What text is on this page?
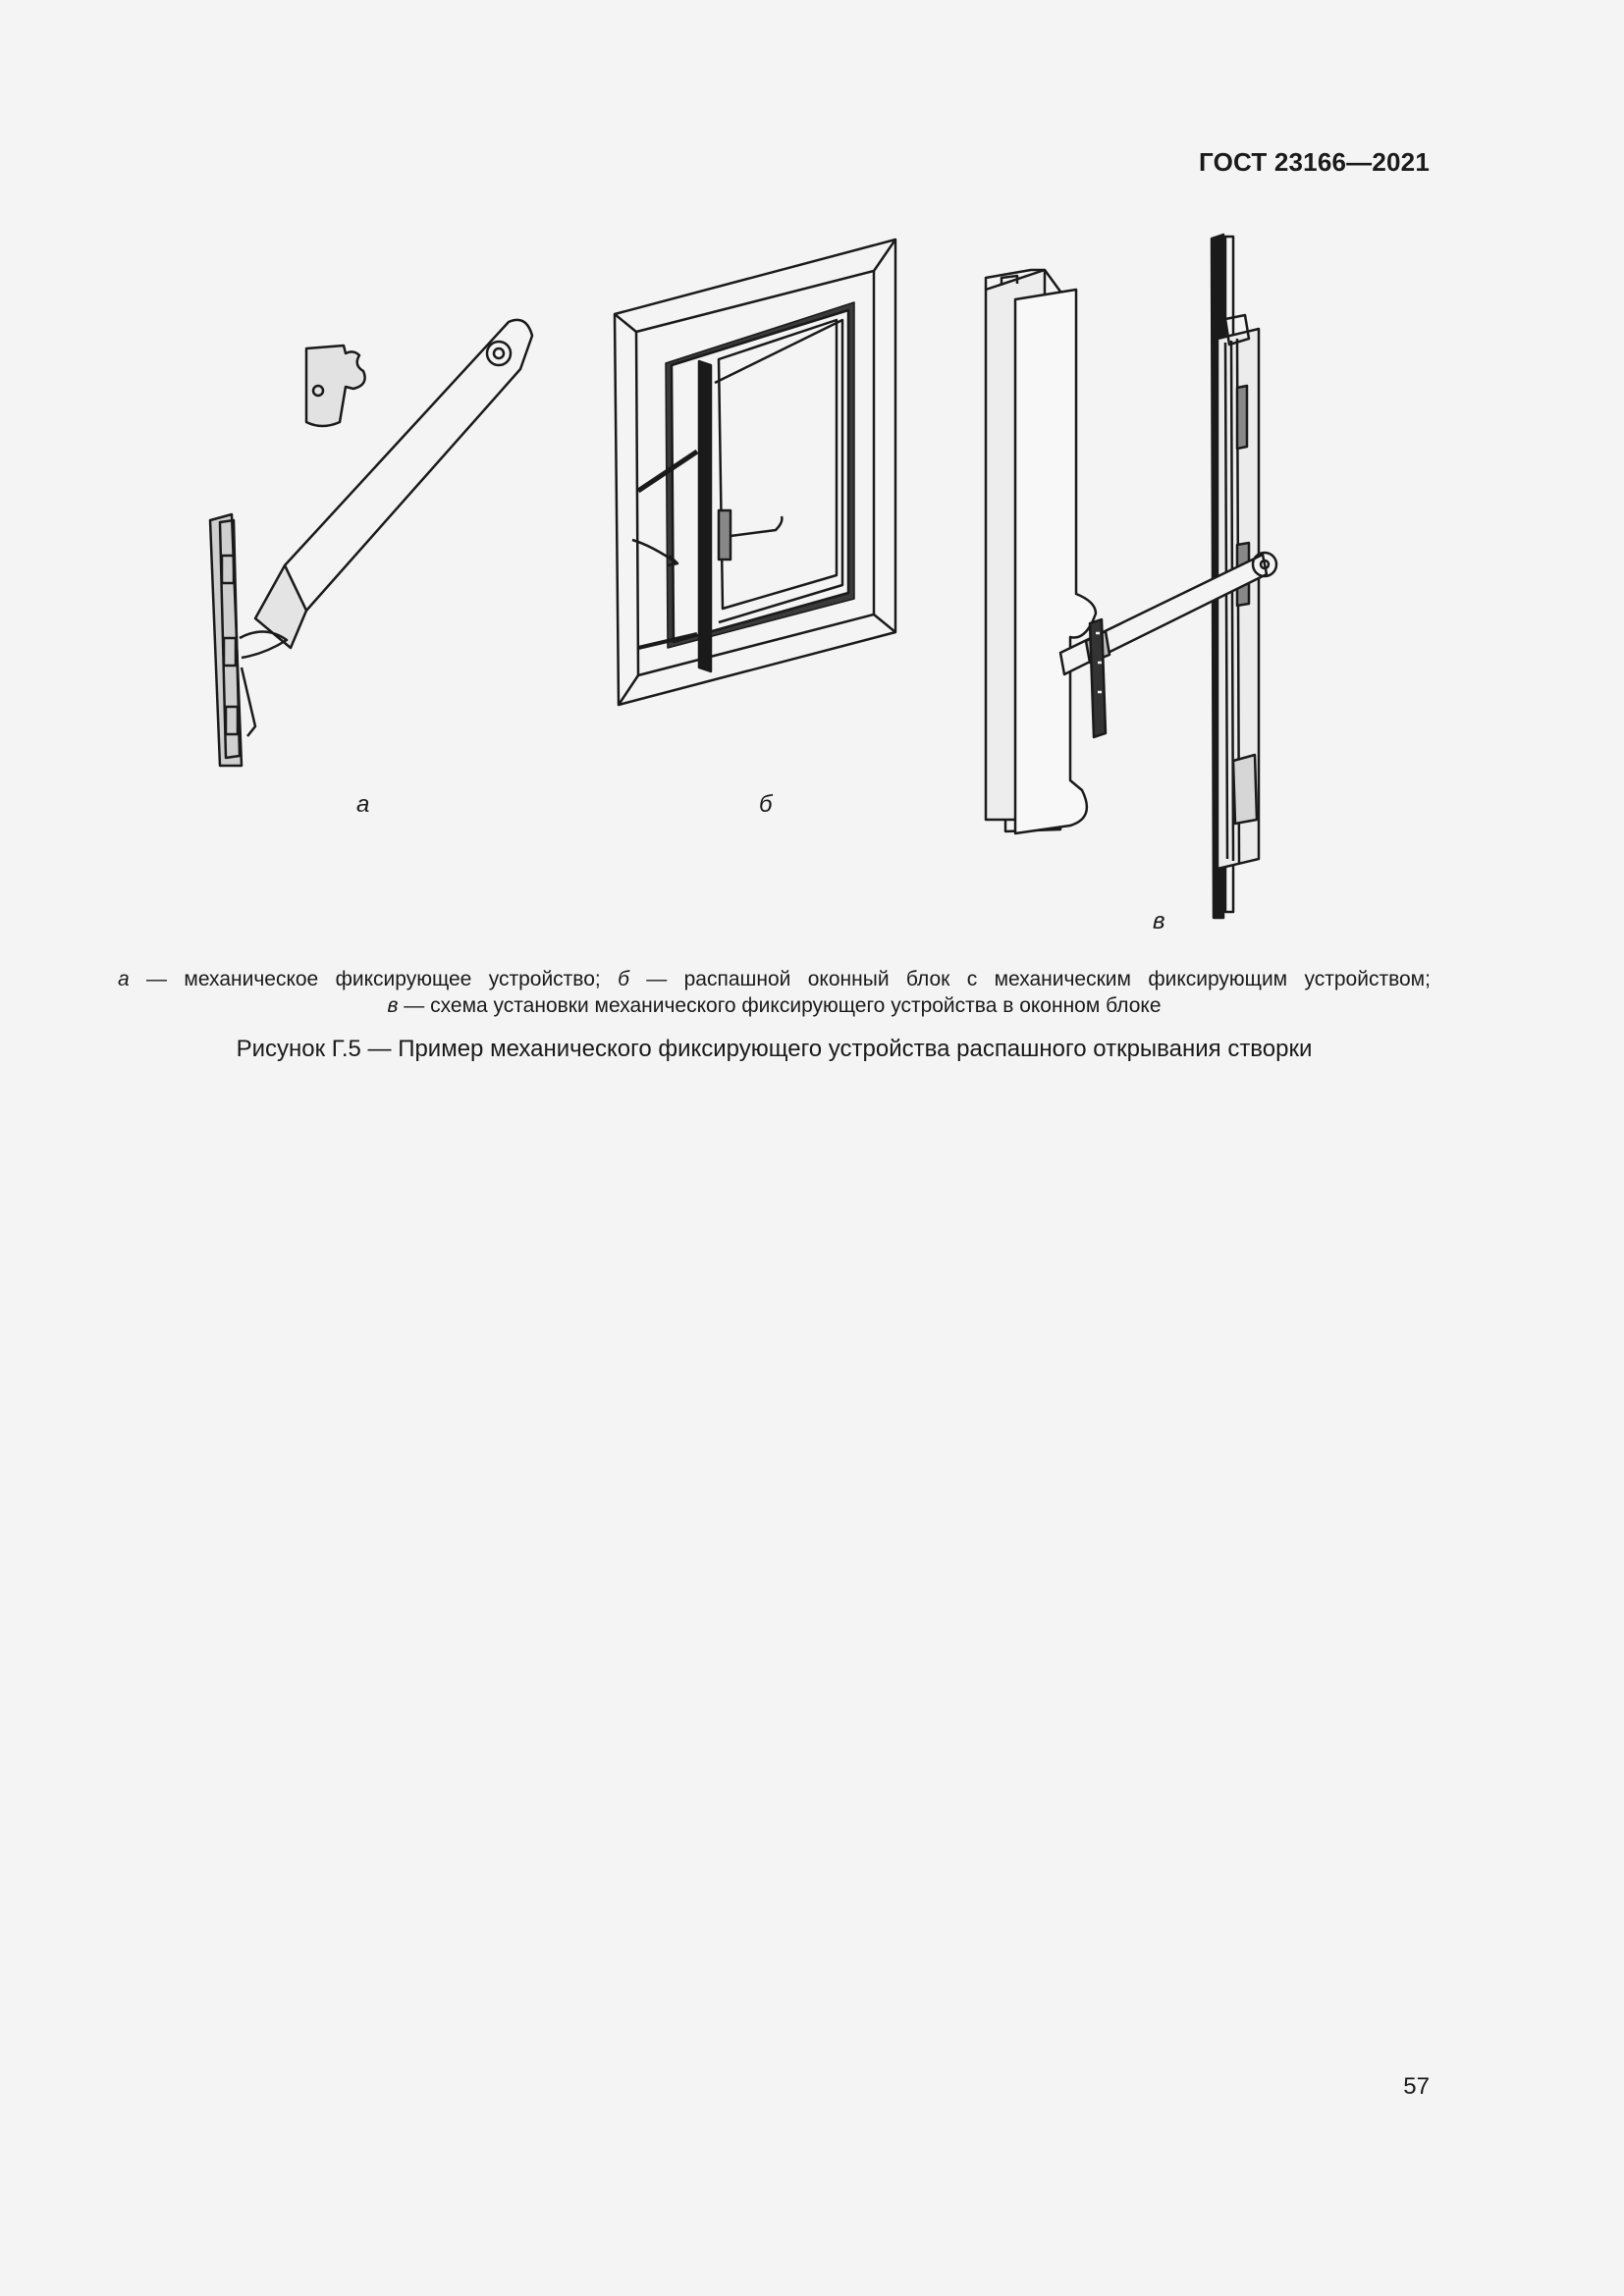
ГОСТ 23166—2021
а	б
в
а — механическое фиксирующее устройство; б — распашной оконный блок с механическим фиксирующим устройством;
в — схема установки механического фиксирующего устройства в оконном блоке
Рисунок Г.5 — Пример механического фиксирующего устройства распашного открывания створки
57
